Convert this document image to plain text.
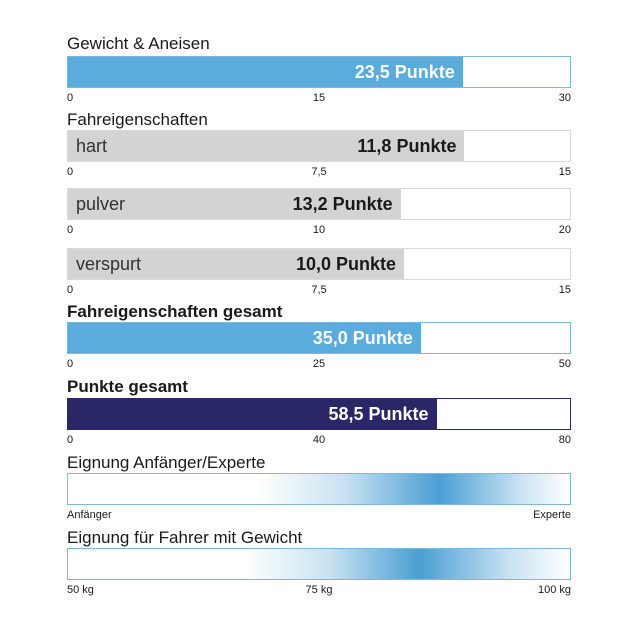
Gewicht & Aneisen
23,5 Punkte
0	15	30
Fahreigenschaften
hart	11,8 Punkte
0	7,5	15
pulver	13,2 Punkte
0	10	20
verspurt	10,0 Punkte
0	7,5	15
Fahreigenschaften gesamt
35,0 Punkte
0	25	50
Punkte gesamt
58,5 Punkte
0	40	80
Eignung Anfänger/Experte
Anfänger	Experte
Eignung für Fahrer mit Gewicht
50 kg	75 kg	100 kg
